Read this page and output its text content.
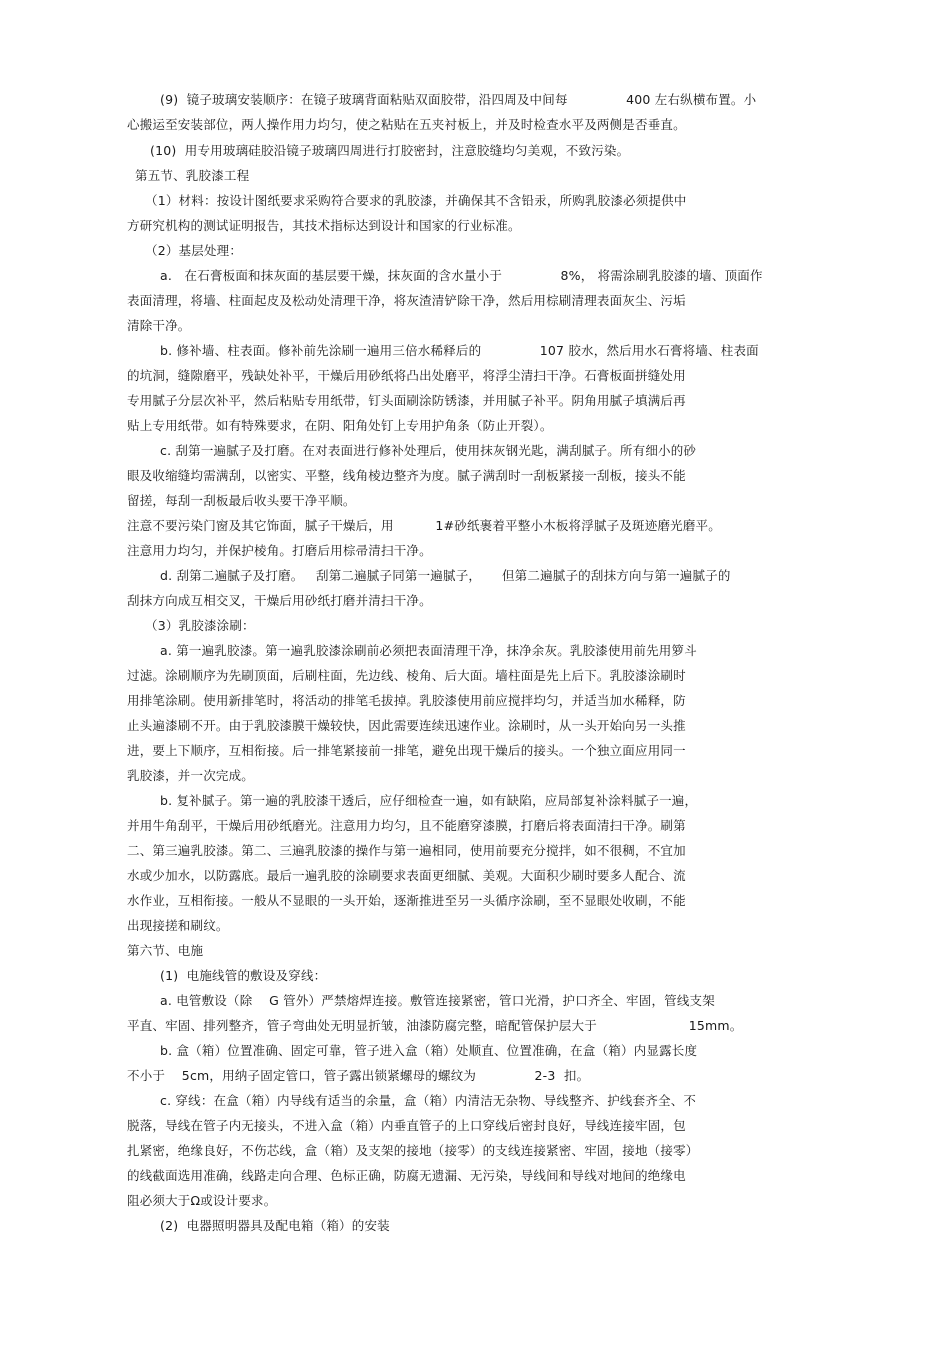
(9)  镜子玻璃安装顺序：在镜子玻璃背面粘贴双面胶带，沿四周及中间每              400 左右纵横布置。小
心搬运至安装部位，两人操作用力均匀，使之粘贴在五夹衬板上，并及时检查水平及两侧是否垂直。
(10)  用专用玻璃硅胶沿镜子玻璃四周进行打胶密封，注意胶缝均匀美观，不致污染。
第五节、乳胶漆工程
（1）材料：按设计图纸要求采购符合要求的乳胶漆，并确保其不含铅汞，所购乳胶漆必须提供中
方研究机构的测试证明报告，其技术指标达到设计和国家的行业标准。
（2）基层处理：
a.   在石膏板面和抹灰面的基层要干燥，抹灰面的含水量小于              8%， 将需涂刷乳胶漆的墙、顶面作
表面清理，将墙、柱面起皮及松动处清理干净，将灰渣清铲除干净，然后用棕刷清理表面灰尘、污垢
清除干净。
b. 修补墙、柱表面。修补前先涂刷一遍用三倍水稀释后的              107 胶水，然后用水石膏将墙、柱表面
的坑洞，缝隙磨平，残缺处补平，干燥后用砂纸将凸出处磨平，将浮尘清扫干净。石膏板面拼缝处用
专用腻子分层次补平，然后粘贴专用纸带，钉头面刷涂防锈漆，并用腻子补平。阴角用腻子填满后再
贴上专用纸带。如有特殊要求，在阴、阳角处钉上专用护角条（防止开裂）。
c. 刮第一遍腻子及打磨。在对表面进行修补处理后，使用抹灰钢光匙，满刮腻子。所有细小的砂
眼及收缩缝均需满刮，以密实、平整，线角棱边整齐为度。腻子满刮时一刮板紧接一刮板，接头不能
留搓，每刮一刮板最后收头要干净平顺。
注意不要污染门窗及其它饰面，腻子干燥后，用          1#砂纸裹着平整小木板将浮腻子及斑迹磨光磨平。
注意用力均匀，并保护棱角。打磨后用棕帚清扫干净。
d. 刮第二遍腻子及打磨。   刮第二遍腻子同第一遍腻子，     但第二遍腻子的刮抹方向与第一遍腻子的
刮抹方向成互相交叉，干燥后用砂纸打磨并清扫干净。
（3）乳胶漆涂刷：
a. 第一遍乳胶漆。第一遍乳胶漆涂刷前必须把表面清理干净，抹净余灰。乳胶漆使用前先用箩斗
过滤。涂刷顺序为先刷顶面，后刷柱面，先边线、棱角、后大面。墙柱面是先上后下。乳胶漆涂刷时
用排笔涂刷。使用新排笔时，将活动的排笔毛拔掉。乳胶漆使用前应搅拌均匀，并适当加水稀释，防
止头遍漆刷不开。由于乳胶漆膜干燥较快，因此需要连续迅速作业。涂刷时，从一头开始向另一头推
进，要上下顺序，互相衔接。后一排笔紧接前一排笔，避免出现干燥后的接头。一个独立面应用同一
乳胶漆，并一次完成。
b. 复补腻子。第一遍的乳胶漆干透后，应仔细检查一遍，如有缺陷，应局部复补涂料腻子一遍，
并用牛角刮平，干燥后用砂纸磨光。注意用力均匀，且不能磨穿漆膜，打磨后将表面清扫干净。刷第
二、第三遍乳胶漆。第二、三遍乳胶漆的操作与第一遍相同，使用前要充分搅拌，如不很稠，不宜加
水或少加水，以防露底。最后一遍乳胶的涂刷要求表面更细腻、美观。大面积少刷时要多人配合、流
水作业，互相衔接。一般从不显眼的一头开始，逐渐推进至另一头循序涂刷，至不显眼处收刷，不能
出现接搓和刷纹。
第六节、电施
(1)  电施线管的敷设及穿线：
a. 电管敷设（除    G 管外）严禁熔焊连接。敷管连接紧密，管口光滑，护口齐全、牢固，管线支架
平直、牢固、排列整齐，管子弯曲处无明显折皱，油漆防腐完整，暗配管保护层大于                      15mm。
b. 盒（箱）位置准确、固定可靠，管子进入盒（箱）处顺直、位置准确，在盒（箱）内显露长度
不小于    5cm，用纳子固定管口，管子露出锁紧螺母的螺纹为              2-3  扣。
c. 穿线：在盒（箱）内导线有适当的余量，盒（箱）内清洁无杂物、导线整齐、护线套齐全、不
脱落，导线在管子内无接头，不进入盒（箱）内垂直管子的上口穿线后密封良好，导线连接牢固，包
扎紧密，绝缘良好，不伤芯线，盒（箱）及支架的接地（接零）的支线连接紧密、牢固，接地（接零）
的线截面选用准确，线路走向合理、色标正确，防腐无遗漏、无污染，导线间和导线对地间的绝缘电
阻必须大于Ω或设计要求。
(2)  电器照明器具及配电箱（箱）的安装
